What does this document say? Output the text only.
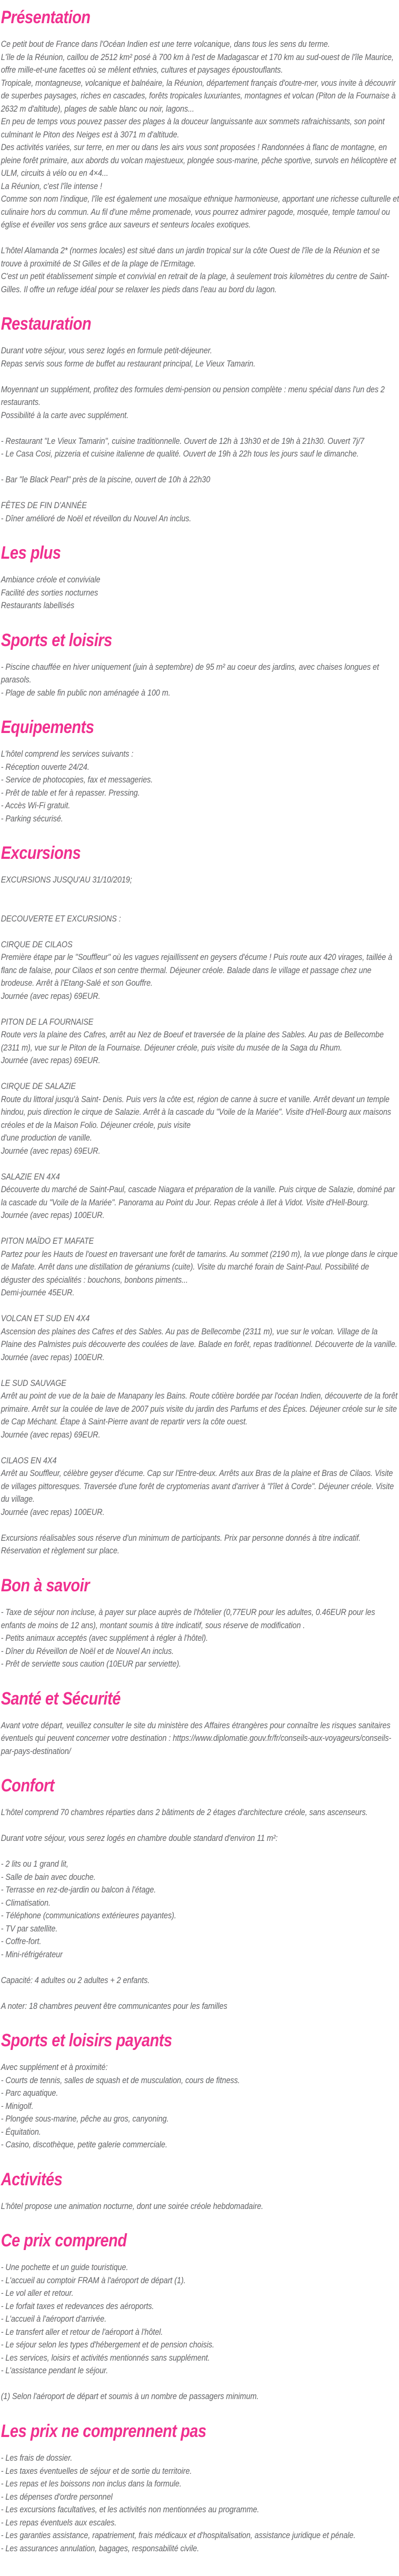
Présentation

Ce petit bout de France dans l'Océan Indien est une terre volcanique, dans tous les sens du terme.

L'île de la Réunion, caillou de 2512 km² posé à 700 km à l'est de Madagascar et 170 km au sud-ouest de l'île Maurice, offre mille-et-une facettes où se mêlent ethnies, cultures et paysages époustouflants.

Tropicale, montagneuse, volcanique et balnéaire, la Réunion, département français d'outre-mer, vous invite à découvrir de superbes paysages, riches en cascades, forêts tropicales luxuriantes, montagnes et volcan (Piton de la Fournaise à 2632 m d'altitude), plages de sable blanc ou noir, lagons...

En peu de temps vous pouvez passer des plages à la douceur languissante aux sommets rafraichissants, son point culminant le Piton des Neiges est à 3071 m d'altitude.

Des activités variées, sur terre, en mer ou dans les airs vous sont proposées ! Randonnées à flanc de montagne, en pleine forêt primaire, aux abords du volcan majestueux, plongée sous-marine, pêche sportive, survols en hélicoptère et ULM, circuits à vélo ou en 4×4...

La Réunion, c'est l'île intense !

Comme son nom l'indique, l'île est également une mosaïque ethnique harmonieuse, apportant une richesse culturelle et culinaire hors du commun. Au fil d'une même promenade, vous pourrez admirer pagode, mosquée, temple tamoul ou église et éveiller vos sens grâce aux saveurs et senteurs locales exotiques.

L'hôtel Alamanda 2* (normes locales) est situé dans un jardin tropical sur la côte Ouest de l'île de la Réunion et se trouve à proximité de St Gilles et de la plage de l'Ermitage.

C'est un petit établissement simple et convivial en retrait de la plage, à seulement trois kilomètres du centre de Saint-Gilles. Il offre un refuge idéal pour se relaxer les pieds dans l'eau au bord du lagon.

Restauration

Durant votre séjour, vous serez logés en formule petit-déjeuner.

Repas servis sous forme de buffet au restaurant principal, Le Vieux Tamarin.

Moyennant un supplément, profitez des formules demi-pension ou pension complète : menu spécial dans l'un des 2 restaurants.

Possibilité à la carte avec supplément.

- Restaurant "Le Vieux Tamarin", cuisine traditionnelle. Ouvert de 12h à 13h30 et de 19h à 21h30. Ouvert 7j/7

- Le Casa Cosi, pizzeria et cuisine italienne de qualité. Ouvert de 19h à 22h tous les jours sauf le dimanche.

- Bar "le Black Pearl" près de la piscine, ouvert de 10h à 22h30

FÊTES DE FIN D'ANNÉE

- Dîner amélioré de Noël et réveillon du Nouvel An inclus.

Les plus

Ambiance créole et conviviale

Facilité des sorties nocturnes

Restaurants labellisés

Sports et loisirs

- Piscine chauffée en hiver uniquement (juin à septembre) de 95 m² au coeur des jardins, avec chaises longues et parasols.

- Plage de sable fin public non aménagée à 100 m.

Equipements

L'hôtel comprend les services suivants :

- Réception ouverte 24/24.

- Service de photocopies, fax et messageries.

- Prêt de table et fer à repasser. Pressing.

- Accès Wi-Fi gratuit.

- Parking sécurisé.

Excursions

EXCURSIONS JUSQU'AU 31/10/2019;

DECOUVERTE ET EXCURSIONS :

CIRQUE DE CILAOS

Première étape par le "Souffleur" où les vagues rejaillissent en geysers d'écume ! Puis route aux 420 virages, taillée à flanc de falaise, pour Cilaos et son centre thermal. Déjeuner créole. Balade dans le village et passage chez une brodeuse. Arrêt à l'Etang-Salé et son Gouffre.

Journée (avec repas) 69EUR.

PITON DE LA FOURNAISE

Route vers la plaine des Cafres, arrêt au Nez de Boeuf et traversée de la plaine des Sables. Au pas de Bellecombe (2311 m), vue sur le Piton de la Fournaise. Déjeuner créole, puis visite du musée de la Saga du Rhum.

Journée (avec repas) 69EUR.

CIRQUE DE SALAZIE

Route du littoral jusqu'à Saint- Denis. Puis vers la côte est, région de canne à sucre et vanille. Arrêt devant un temple hindou, puis direction le cirque de Salazie. Arrêt à la cascade du "Voile de la Mariée". Visite d'Hell-Bourg aux maisons créoles et de la Maison Folio. Déjeuner créole, puis visite

d'une production de vanille.

Journée (avec repas) 69EUR.

SALAZIE EN 4X4

Découverte du marché de Saint-Paul, cascade Niagara et préparation de la vanille. Puis cirque de Salazie, dominé par la cascade du "Voile de la Mariée". Panorama au Point du Jour. Repas créole à Ilet à Vidot. Visite d'Hell-Bourg.

Journée (avec repas) 100EUR.

PITON MAÏDO ET MAFATE

Partez pour les Hauts de l'ouest en traversant une forêt de tamarins. Au sommet (2190 m), la vue plonge dans le cirque de Mafate. Arrêt dans une distillation de géraniums (cuite). Visite du marché forain de Saint-Paul. Possibilité de déguster des spécialités : bouchons, bonbons piments...

Demi-journée 45EUR.

VOLCAN ET SUD EN 4X4

Ascension des plaines des Cafres et des Sables. Au pas de Bellecombe (2311 m), vue sur le volcan. Village de la Plaine des Palmistes puis découverte des coulées de lave. Balade en forêt, repas traditionnel. Découverte de la vanille.

Journée (avec repas) 100EUR.

LE SUD SAUVAGE

Arrêt au point de vue de la baie de Manapany les Bains. Route côtière bordée par l'océan Indien, découverte de la forêt primaire. Arrêt sur la coulée de lave de 2007 puis visite du jardin des Parfums et des Épices. Déjeuner créole sur le site de Cap Méchant. Étape à Saint-Pierre avant de repartir vers la côte ouest.

Journée (avec repas) 69EUR.

CILAOS EN 4X4

Arrêt au Souffleur, célèbre geyser d'écume. Cap sur l'Entre-deux. Arrêts aux Bras de la plaine et Bras de Cilaos. Visite de villages pittoresques. Traversée d'une forêt de cryptomerias avant d'arriver à "l'îlet à Corde". Déjeuner créole. Visite du village.

Journée (avec repas) 100EUR.

Excursions réalisables sous réserve d'un minimum de participants. Prix par personne donnés à titre indicatif.

Réservation et règlement sur place.

Bon à savoir

- Taxe de séjour non incluse, à payer sur place auprès de l'hôtelier (0,77EUR pour les adultes, 0.46EUR pour les enfants de moins de 12 ans), montant soumis à titre indicatif, sous réserve de modification .

- Petits animaux acceptés (avec supplément à régler à l'hôtel).

- Dîner du Réveillon de Noël et de Nouvel An inclus.

- Prêt de serviette sous caution (10EUR par serviette).

Santé et Sécurité

Avant votre départ, veuillez consulter le site du ministère des Affaires étrangères pour connaître les risques sanitaires éventuels qui peuvent concerner votre destination : https://www.diplomatie.gouv.fr/fr/conseils-aux-voyageurs/conseils-par-pays-destination/

Confort

L'hôtel comprend 70 chambres réparties dans 2 bâtiments de 2 étages d'architecture créole, sans ascenseurs.

Durant votre séjour, vous serez logés en chambre double standard d'environ 11 m²:

- 2 lits ou 1 grand lit,

- Salle de bain avec douche.

- Terrasse en rez-de-jardin ou balcon à l'étage.

- Climatisation.

- Téléphone (communications extérieures payantes).

- TV par satellite.

- Coffre-fort.

- Mini-réfrigérateur

Capacité: 4 adultes ou 2 adultes + 2 enfants.

A noter: 18 chambres peuvent être communicantes pour les familles

Sports et loisirs payants

Avec supplément et à proximité:

- Courts de tennis, salles de squash et de musculation, cours de fitness.

- Parc aquatique.

- Minigolf.

- Plongée sous-marine, pêche au gros, canyoning.

- Équitation.

- Casino, discothèque, petite galerie commerciale.

Activités

L'hôtel propose une animation nocturne, dont une soirée créole hebdomadaire.

Ce prix comprend

- Une pochette et un guide touristique.

- L'accueil au comptoir FRAM à l'aéroport de départ (1).

- Le vol aller et retour.

- Le forfait taxes et redevances des aéroports.

- L'accueil à l'aéroport d'arrivée.

- Le transfert aller et retour de l'aéroport à l'hôtel.

- Le séjour selon les types d'hébergement et de pension choisis.

- Les services, loisirs et activités mentionnés sans supplément.

- L'assistance pendant le séjour.

(1) Selon l'aéroport de départ et soumis à un nombre de passagers minimum.

Les prix ne comprennent pas

- Les frais de dossier.

- Les taxes éventuelles de séjour et de sortie du territoire.

- Les repas et les boissons non inclus dans la formule.

- Les dépenses d'ordre personnel

- Les excursions facultatives, et les activités non mentionnées au programme.

- Les repas éventuels aux escales.

- Les garanties assistance, rapatriement, frais médicaux et d'hospitalisation, assistance juridique et pénale.

- Les assurances annulation, bagages, responsabilité civile.
